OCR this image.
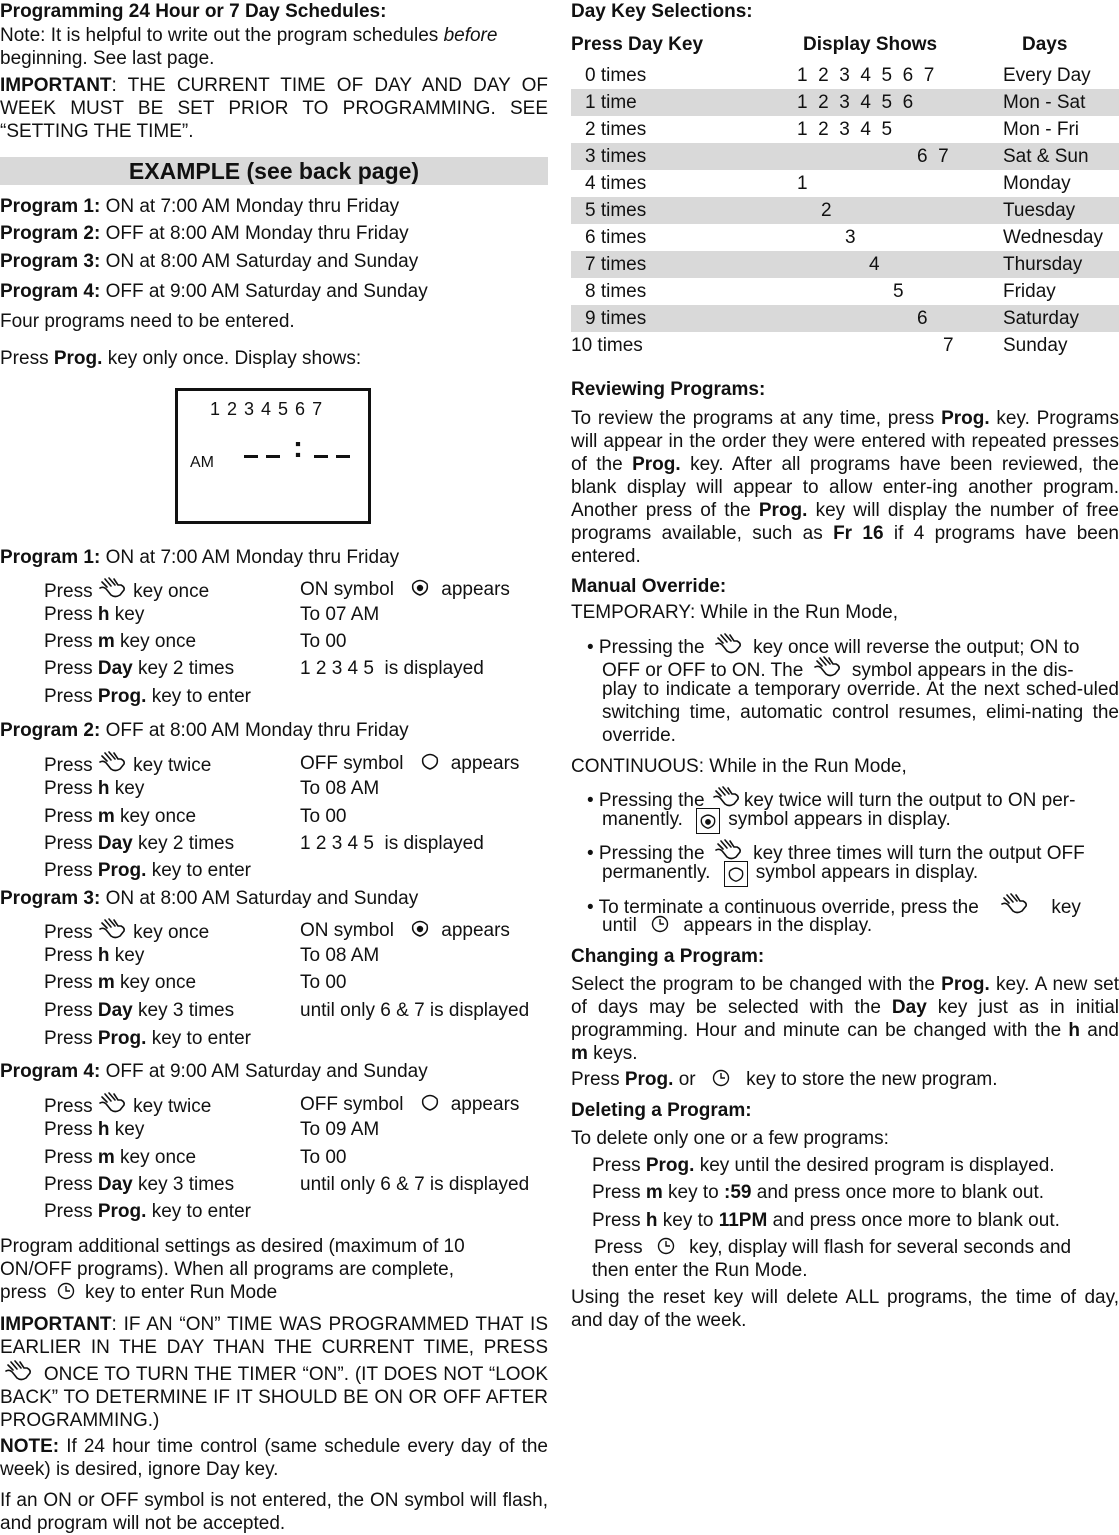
Programming 24 Hour or 7 Day Schedules:

Note: It is helpful to write out the program schedules before beginning. See last page.

IMPORTANT: THE CURRENT TIME OF DAY AND DAY OF WEEK MUST BE SET PRIOR TO PROGRAMMING. SEE “SETTING THE TIME”.

EXAMPLE (see back page)

Program 1: ON at 7:00 AM Monday thru Friday

Program 2: OFF at 8:00 AM Monday thru Friday

Program 3: ON at 8:00 AM Saturday and Sunday

Program 4: OFF at 9:00 AM Saturday and Sunday

Four programs need to be entered.

Press Prog. key only once. Display shows:

1 2 3 4 5 6 7
AM	:

Program 1: ON at 7:00 AM Monday thru Friday

Press key once	ON symbol appears

Press h key	To 07 AM

Press m key once	To 00

Press Day key 2 times	1 2 3 4 5  is displayed

Press Prog. key to enter

Program 2: OFF at 8:00 AM Monday thru Friday

Press key twice	OFF symbol appears

Press h key	To 08 AM

Press m key once	To 00

Press Day key 2 times	1 2 3 4 5  is displayed

Press Prog. key to enter

Program 3: ON at 8:00 AM Saturday and Sunday

Press key once	ON symbol appears

Press h key	To 08 AM

Press m key once	To 00

Press Day key 3 times	until only 6 & 7 is displayed

Press Prog. key to enter

Program 4: OFF at 9:00 AM Saturday and Sunday

Press key twice	OFF symbol appears

Press h key	To 09 AM

Press m key once	To 00

Press Day key 3 times	until only 6 & 7 is displayed

Press Prog. key to enter

Program additional settings as desired (maximum of 10 ON/OFF programs). When all programs are complete,

press key to enter Run Mode

IMPORTANT: IF AN “ON” TIME WAS PROGRAMMED THAT IS EARLIER IN THE DAY THAN THE CURRENT TIME, PRESS  ONCE TO TURN THE TIMER “ON”. (IT DOES NOT “LOOK BACK” TO DETERMINE IF IT SHOULD BE ON OR OFF AFTER PROGRAMMING.)

NOTE: If 24 hour time control (same schedule every day of the week) is desired, ignore Day key.

If an ON or OFF symbol is not entered, the ON symbol will flash, and program will not be accepted.

Day Key Selections:

Press Day Key	Display Shows	Days

0 times	1  2  3  4  5  6  7	Every Day
1 time	1  2  3  4  5  6	Mon - Sat
2 times	1  2  3  4  5	Mon - Fri
3 times	6  7	Sat & Sun
4 times	1	Monday
5 times	2	Tuesday
6 times	3	Wednesday
7 times	4	Thursday
8 times	5	Friday
9 times	6	Saturday
10 times	7	Sunday

Reviewing Programs:

To review the programs at any time, press Prog. key. Programs will appear in the order they were entered with repeated presses of the Prog. key. After all programs have been reviewed, the blank display will appear to allow enter-ing another program. Another press of the Prog. key will display the number of free programs available, such as Fr 16 if 4 programs have been entered.

Manual Override:

TEMPORARY: While in the Run Mode,

• Pressing the	key once will reverse the output; ON to

OFF or OFF to ON. The	symbol appears in the dis-

play to indicate a temporary override. At the next sched-uled switching time, automatic control resumes, elimi-nating the override.

CONTINUOUS: While in the Run Mode,

• Pressing the key twice will turn the output to ON per-

manently. symbol appears in display.

• Pressing the	key three times will turn the output OFF

permanently. symbol appears in display.

• To terminate a continuous override, press the	key

until appears in the display.

Changing a Program:

Select the program to be changed with the Prog. key. A new set of days may be selected with the Day key just as in initial programming. Hour and minute can be changed with the h and m keys.

Press Prog. or	key to store the new program.

Deleting a Program:

To delete only one or a few programs:

Press Prog. key until the desired program is displayed.

Press m key to :59 and press once more to blank out.

Press h key to 11PM and press once more to blank out.

Press key, display will flash for several seconds and

then enter the Run Mode.

Using the reset key will delete ALL programs, the time of day, and day of the week.
